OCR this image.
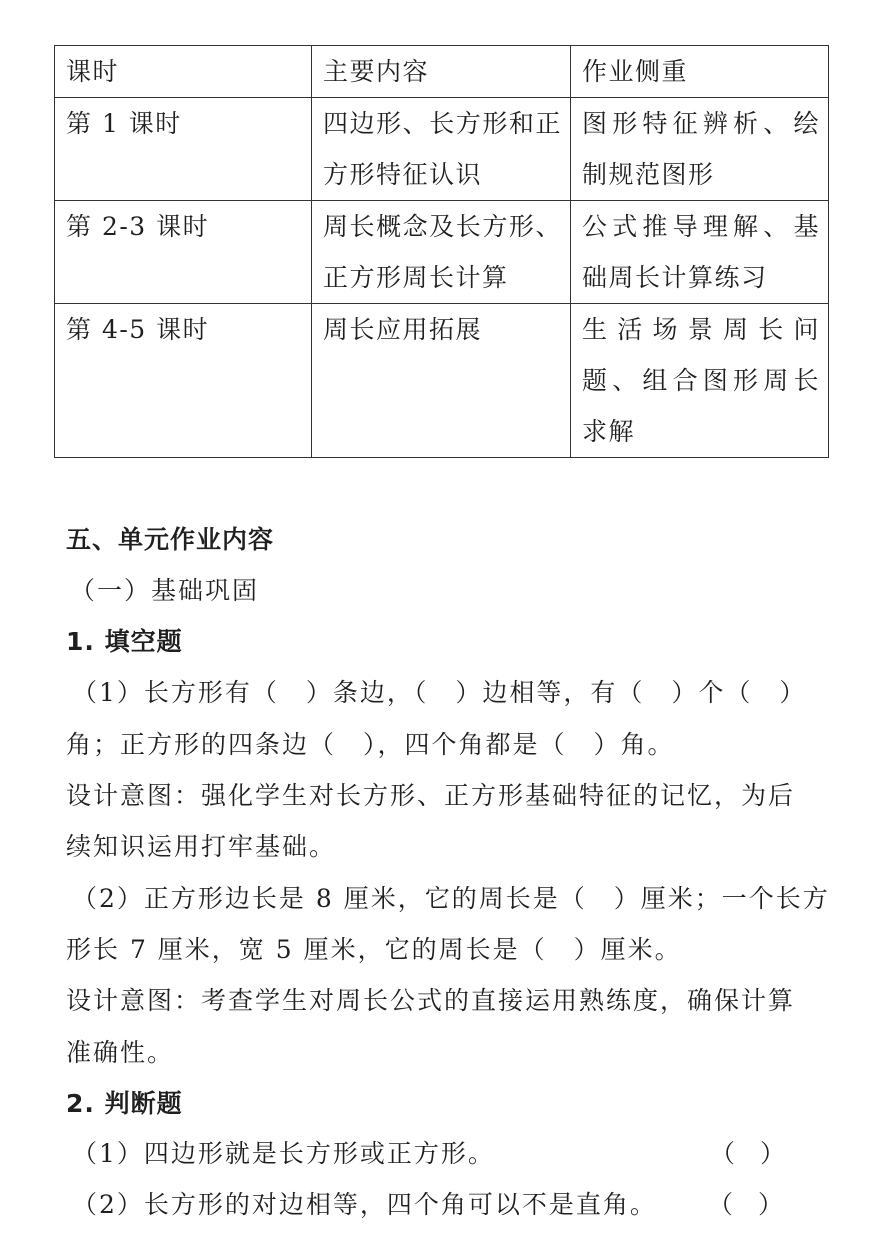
课时	主要内容	作业侧重
第 1 课时	四边形、长方形和正方形特征认识	图形特征辨析、绘制规范图形
第 2-3 课时	周长概念及长方形、正方形周长计算	公式推导理解、基础周长计算练习
第 4-5 课时	周长应用拓展	生活场景周长问题、组合图形周长求解
五、单元作业内容
（一）基础巩固
1. 填空题
（1）长方形有（　）条边，（　）边相等，有（　）个（　）
角；正方形的四条边（　），四个角都是（　）角。
设计意图：强化学生对长方形、正方形基础特征的记忆，为后
续知识运用打牢基础。
（2）正方形边长是 8 厘米，它的周长是（　）厘米；一个长方
形长 7 厘米，宽 5 厘米，它的周长是（　）厘米。
设计意图：考查学生对周长公式的直接运用熟练度，确保计算
准确性。
2. 判断题
（1）四边形就是长方形或正方形。	（　）
（2）长方形的对边相等，四个角可以不是直角。 （　）
